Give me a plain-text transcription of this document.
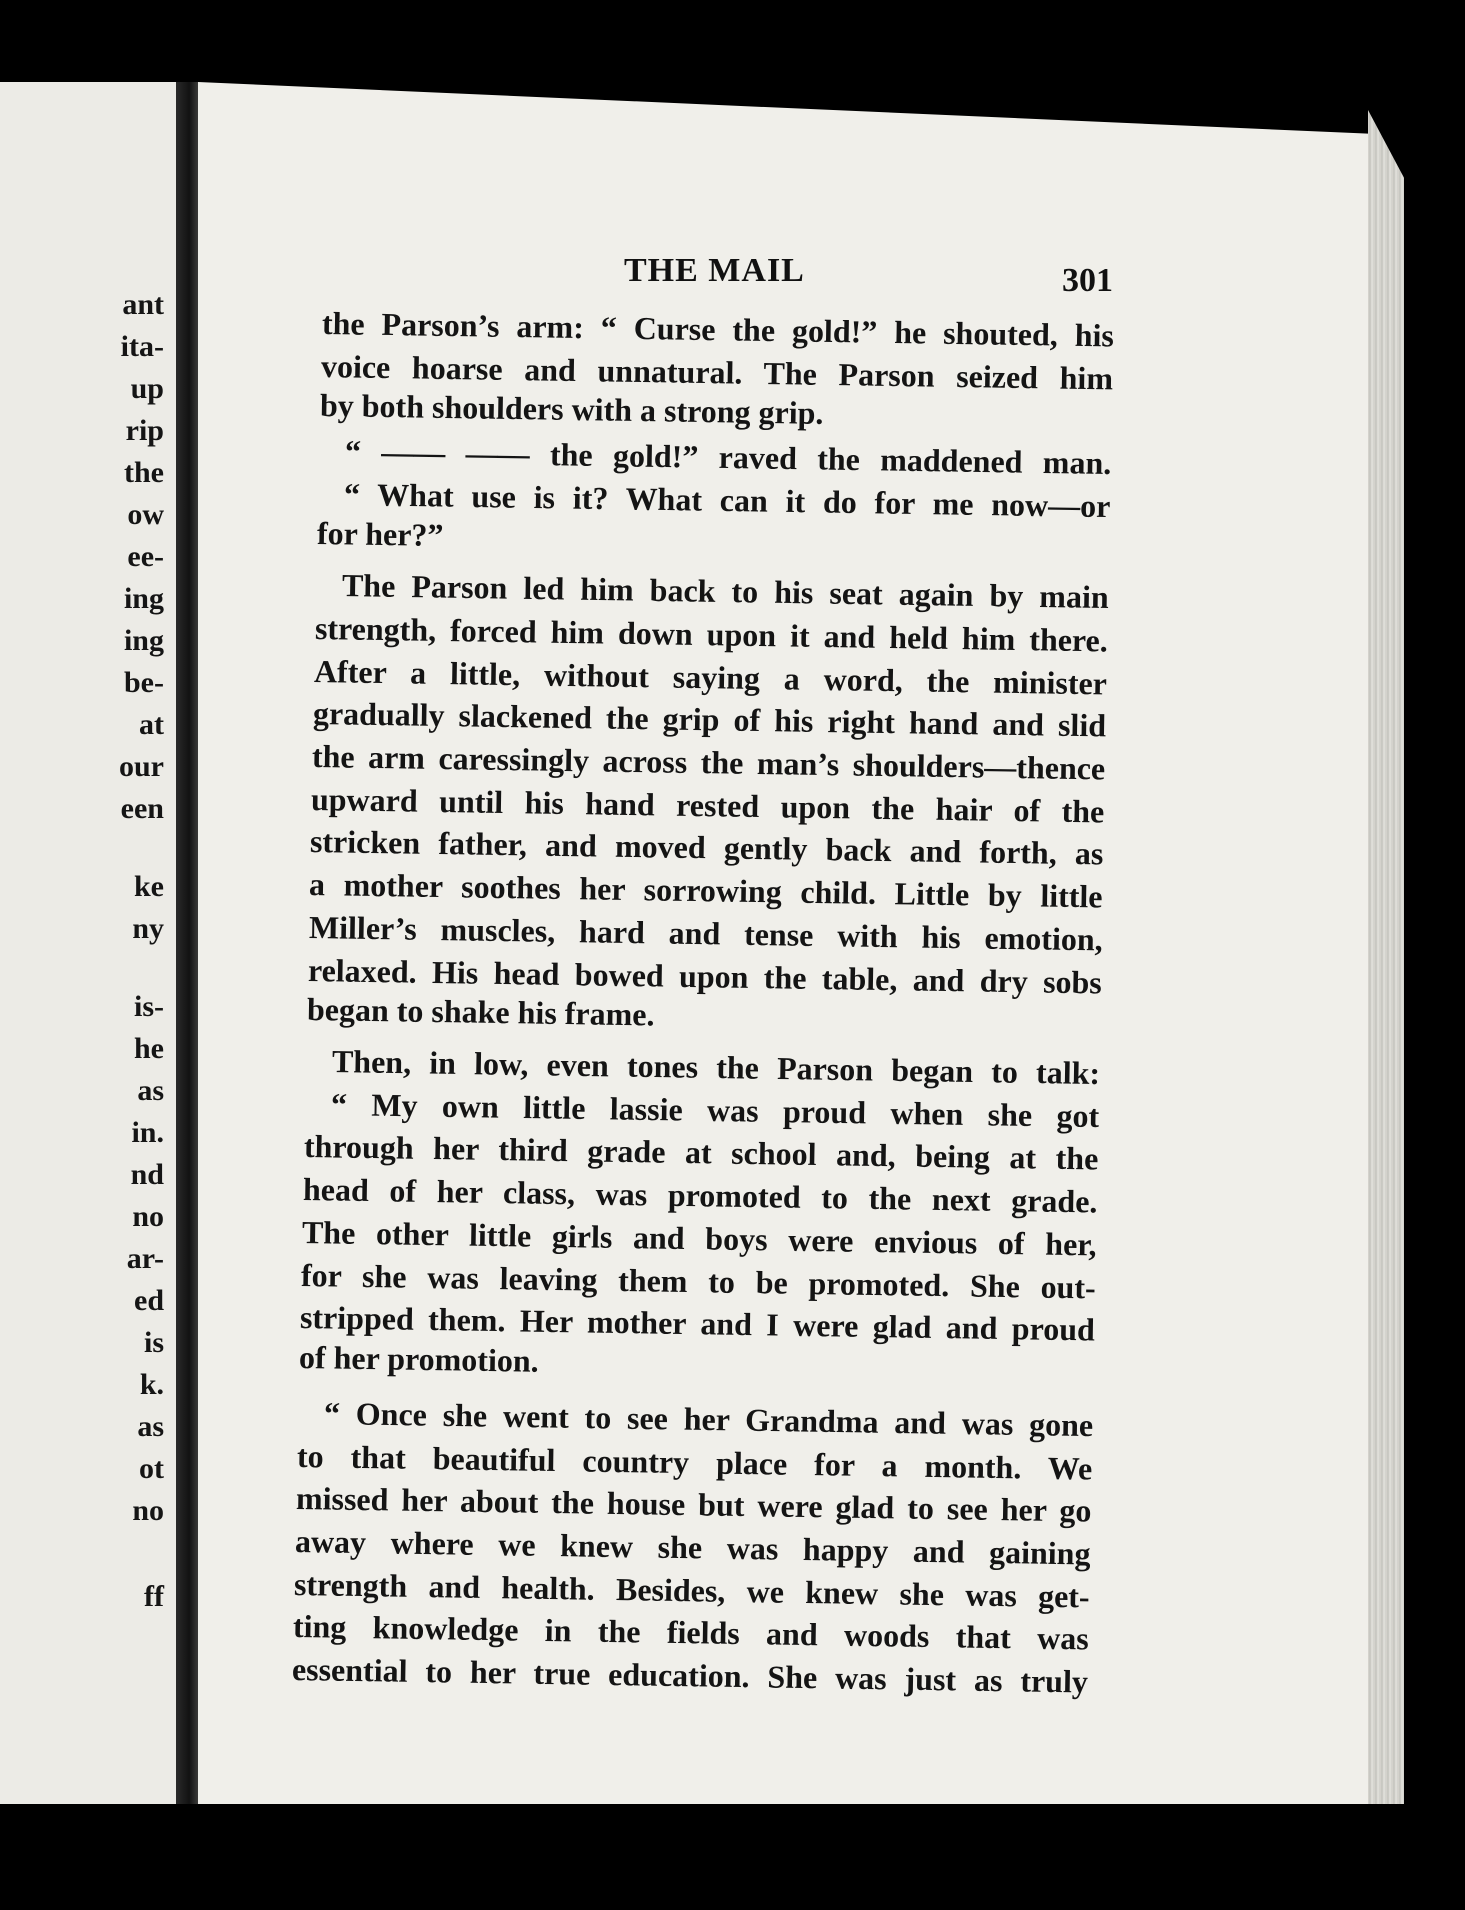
ant

ita-

up

rip

the

ow

ee-

ing

ing

be-

at

our

een

ke

ny

is-

he

as

in.

nd

no

ar-

ed

is

k.

as

ot

no

ff

THE MAIL	301

the Parson’s arm: “ Curse the gold!” he shouted, his

voice hoarse and unnatural. The Parson seized him

by both shoulders with a strong grip.

“ —— —— the gold!” raved the maddened man.

“ What use is it? What can it do for me now—or

for her?”

The Parson led him back to his seat again by main

strength, forced him down upon it and held him there.

After a little, without saying a word, the minister

gradually slackened the grip of his right hand and slid

the arm caressingly across the man’s shoulders—thence

upward until his hand rested upon the hair of the

stricken father, and moved gently back and forth, as

a mother soothes her sorrowing child. Little by little

Miller’s muscles, hard and tense with his emotion,

relaxed. His head bowed upon the table, and dry sobs

began to shake his frame.

Then, in low, even tones the Parson began to talk:

“ My own little lassie was proud when she got

through her third grade at school and, being at the

head of her class, was promoted to the next grade.

The other little girls and boys were envious of her,

for she was leaving them to be promoted. She out-

stripped them. Her mother and I were glad and proud

of her promotion.

“ Once she went to see her Grandma and was gone

to that beautiful country place for a month. We

missed her about the house but were glad to see her go

away where we knew she was happy and gaining

strength and health. Besides, we knew she was get-

ting knowledge in the fields and woods that was

essential to her true education. She was just as truly
